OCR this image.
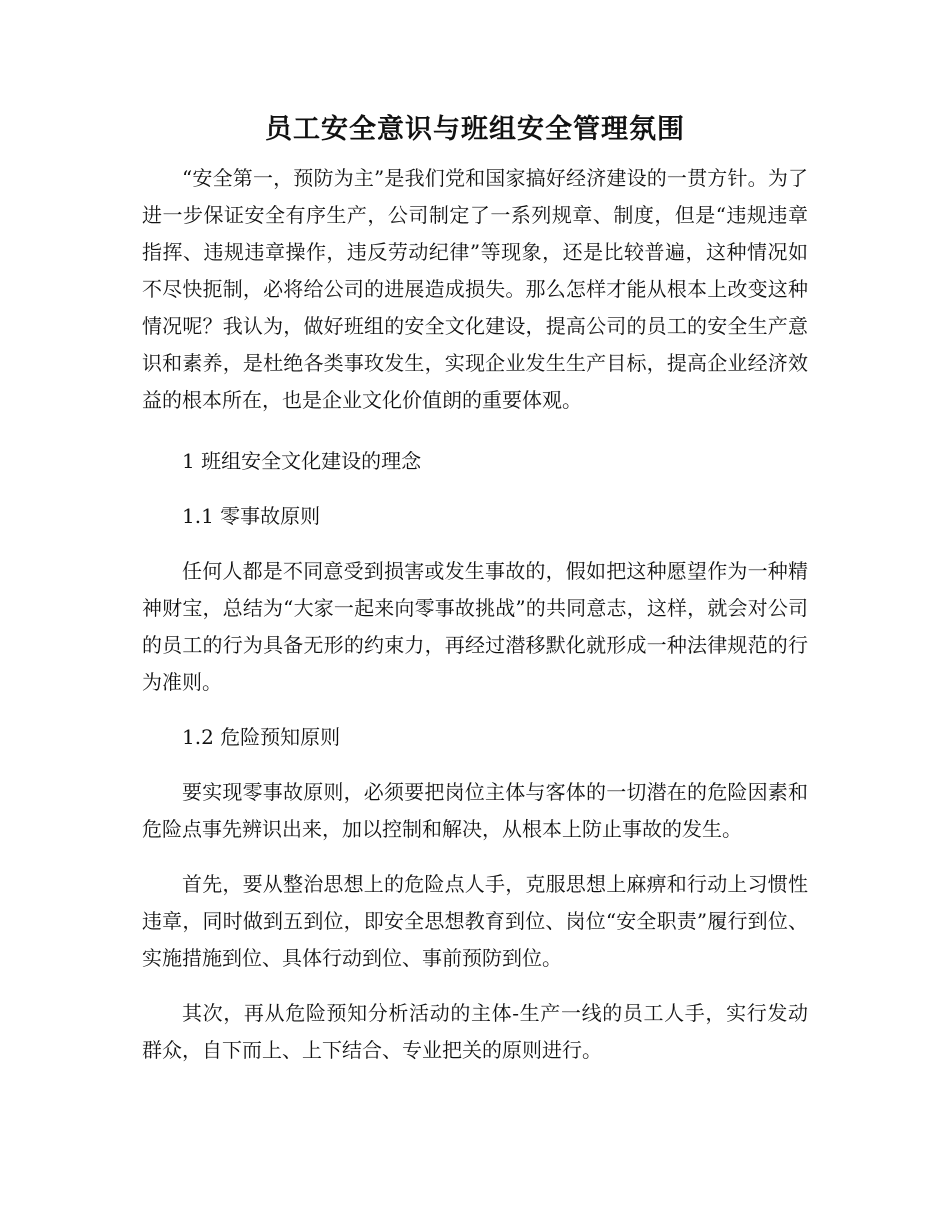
员工安全意识与班组安全管理氛围

“安全第一，预防为主”是我们党和国家搞好经济建设的一贯方针。为了进一步保证安全有序生产，公司制定了一系列规章、制度，但是“违规违章指挥、违规违章操作，违反劳动纪律”等现象，还是比较普遍，这种情况如不尽快扼制，必将给公司的进展造成损失。那么怎样才能从根本上改变这种情况呢？我认为，做好班组的安全文化建设，提高公司的员工的安全生产意识和素养，是杜绝各类事玫发生，实现企业发生生产目标，提高企业经济效益的根本所在，也是企业文化价值朗的重要体观。

1 班组安全文化建设的理念

1.1 零事故原则

任何人都是不同意受到损害或发生事故的，假如把这种愿望作为一种精神财宝，总结为“大家一起来向零事故挑战”的共同意志，这样，就会对公司的员工的行为具备无形的约束力，再经过潜移默化就形成一种法律规范的行为准则。

1.2 危险预知原则

要实现零事故原则，必须要把岗位主体与客体的一切潜在的危险因素和危险点事先辨识出来，加以控制和解决，从根本上防止事故的发生。

首先，要从整治思想上的危险点人手，克服思想上麻痹和行动上习惯性违章，同时做到五到位，即安全思想教育到位、岗位“安全职责”履行到位、实施措施到位、具体行动到位、事前预防到位。

其次，再从危险预知分析活动的主体-生产一线的员工人手，实行发动群众，自下而上、上下结合、专业把关的原则进行。
